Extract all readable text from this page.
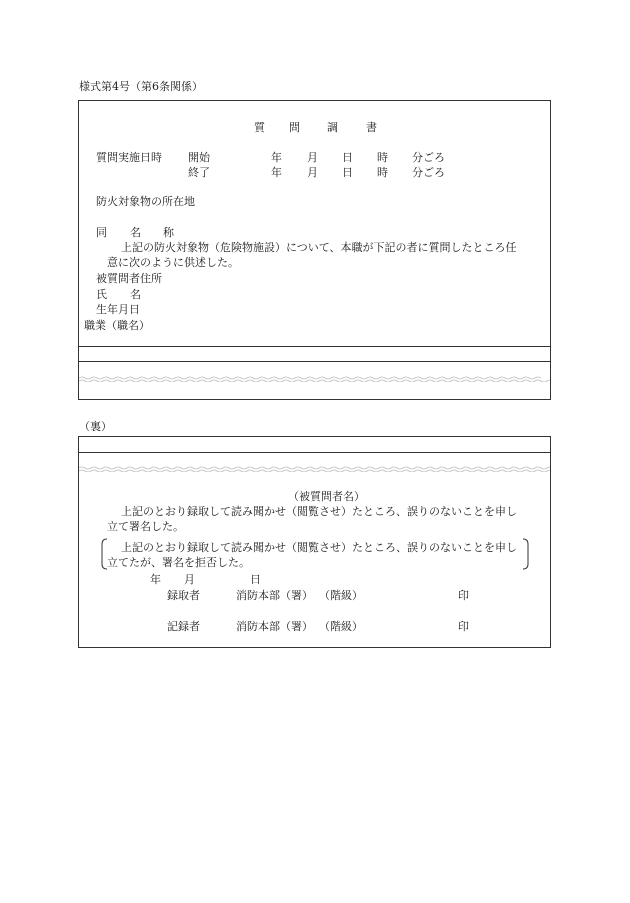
様式第4号（第6条関係）
質 問 調	書
質問実施日時 開始	年 月 日 時 分ごろ
終了	年 月 日 時 分ごろ
防火対象物の所在地
同 名 称
上記の防火対象物（危険物施設）について、本職が下記の者に質問したところ任
意に次のように供述した。
被質問者住所
氏 名
生年月日
職業（職名）
（裏）
（被質問者名）
上記のとおり録取して読み聞かせ（閲覧させ）たところ、誤りのないことを申し
立て署名した。
上記のとおり録取して読み聞かせ（閲覧させ）たところ、誤りのないことを申し
立てたが、署名を拒否した。
年 月	日
録取者	消防本部（署） （階級）	印
記録者	消防本部（署） （階級）	印
